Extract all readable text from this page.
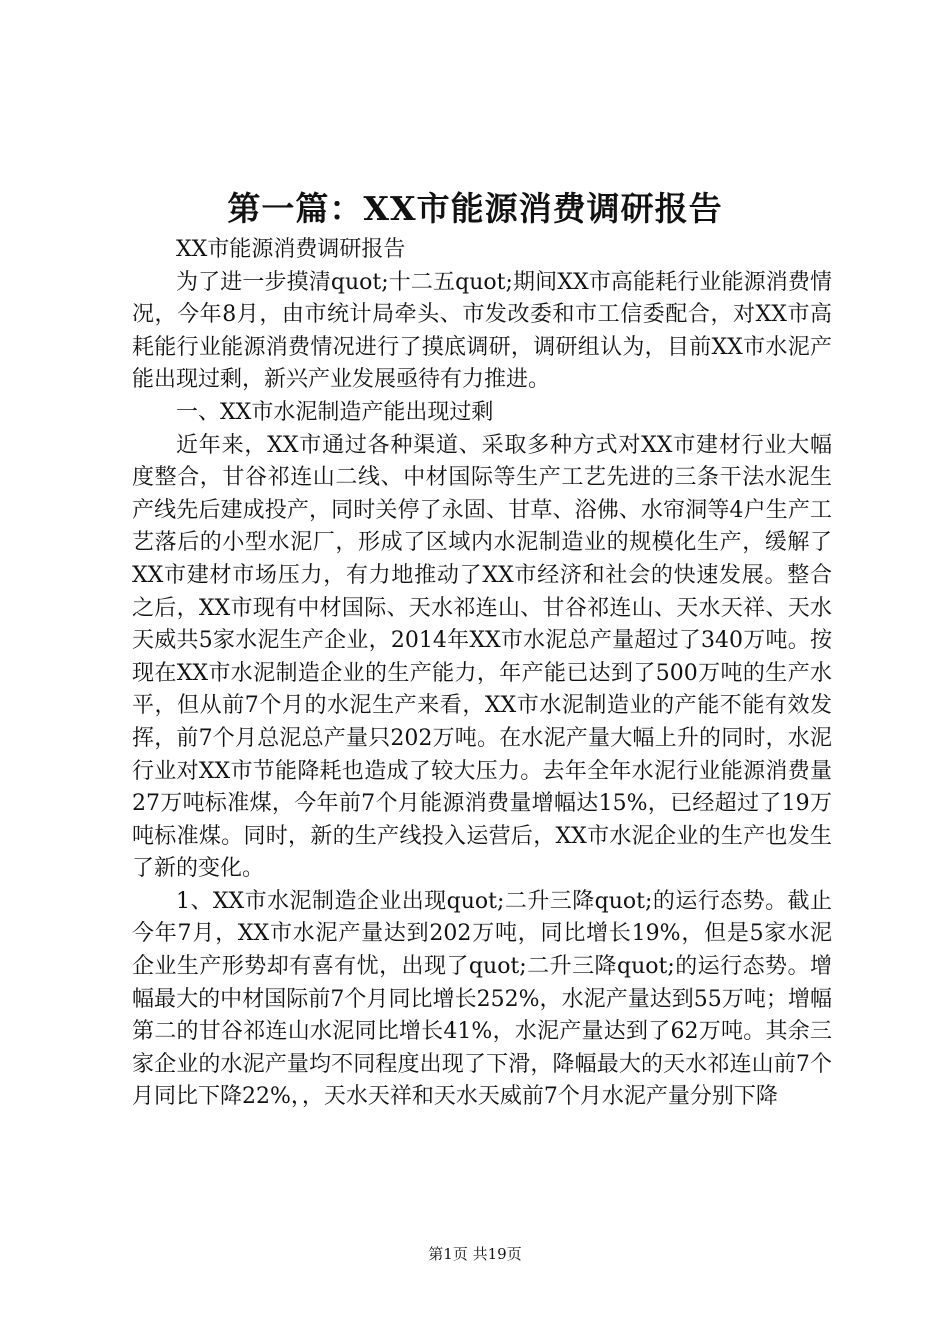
第一篇：XX市能源消费调研报告

XX市能源消费调研报告

为了进一步摸清quot;十二五quot;期间XX市高能耗行业能源消费情况，今年8月，由市统计局牵头、市发改委和市工信委配合，对XX市高耗能行业能源消费情况进行了摸底调研，调研组认为，目前XX市水泥产能出现过剩，新兴产业发展亟待有力推进。

一、XX市水泥制造产能出现过剩

近年来，XX市通过各种渠道、采取多种方式对XX市建材行业大幅度整合，甘谷祁连山二线、中材国际等生产工艺先进的三条干法水泥生产线先后建成投产，同时关停了永固、甘草、浴佛、水帘洞等4户生产工艺落后的小型水泥厂，形成了区域内水泥制造业的规模化生产，缓解了XX市建材市场压力，有力地推动了XX市经济和社会的快速发展。整合之后，XX市现有中材国际、天水祁连山、甘谷祁连山、天水天祥、天水天威共5家水泥生产企业，2014年XX市水泥总产量超过了340万吨。按现在XX市水泥制造企业的生产能力，年产能已达到了500万吨的生产水平，但从前7个月的水泥生产来看，XX市水泥制造业的产能不能有效发挥，前7个月总泥总产量只202万吨。在水泥产量大幅上升的同时，水泥行业对XX市节能降耗也造成了较大压力。去年全年水泥行业能源消费量27万吨标准煤，今年前7个月能源消费量增幅达15%，已经超过了19万吨标准煤。同时，新的生产线投入运营后，XX市水泥企业的生产也发生了新的变化。

1、XX市水泥制造企业出现quot;二升三降quot;的运行态势。截止今年7月，XX市水泥产量达到202万吨，同比增长19%，但是5家水泥企业生产形势却有喜有忧，出现了quot;二升三降quot;的运行态势。增幅最大的中材国际前7个月同比增长252%，水泥产量达到55万吨；增幅第二的甘谷祁连山水泥同比增长41%，水泥产量达到了62万吨。其余三家企业的水泥产量均不同程度出现了下滑，降幅最大的天水祁连山前7个月同比下降22%，，天水天祥和天水天威前7个月水泥产量分别下降

第1页 共19页
